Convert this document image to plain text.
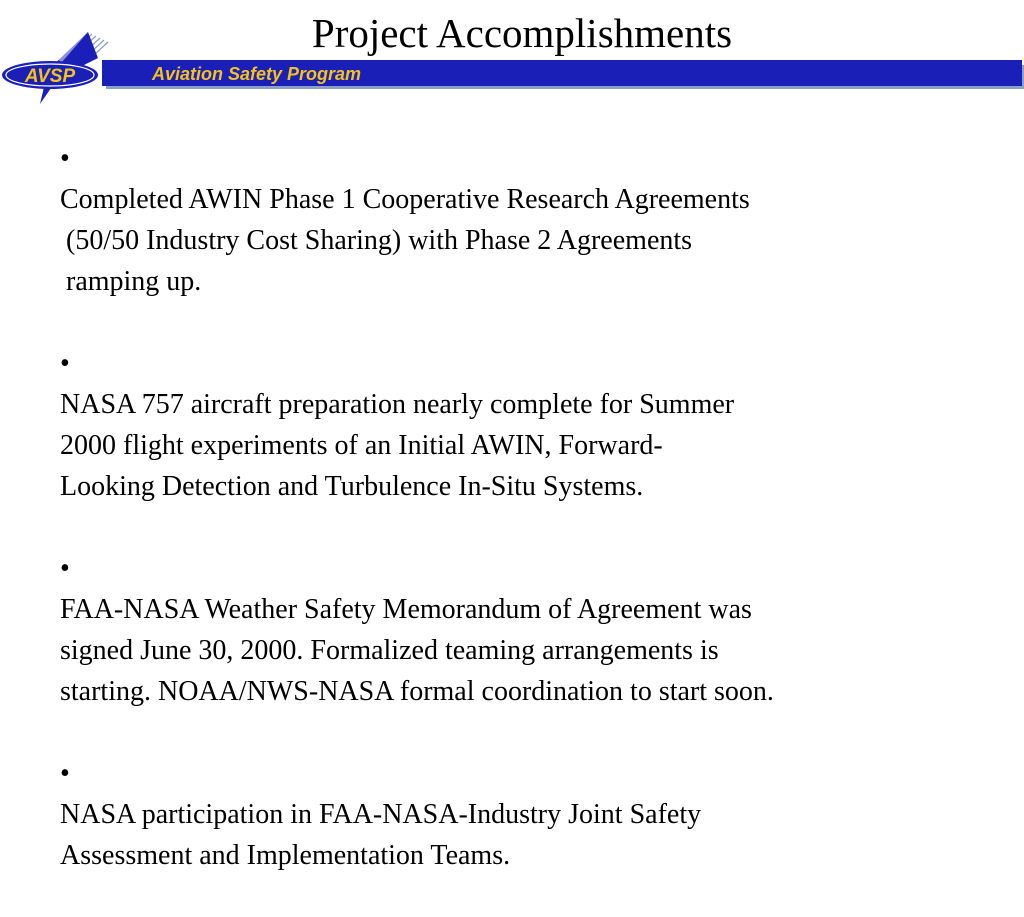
Project Accomplishments
AVSP	Aviation Safety Program
•
Completed AWIN Phase 1 Cooperative Research Agreements
(50/50 Industry Cost Sharing) with Phase 2 Agreements
ramping up.
•
NASA 757 aircraft preparation nearly complete for Summer
2000 flight experiments of an Initial AWIN, Forward-
Looking Detection and Turbulence In-Situ Systems.
•
FAA-NASA Weather Safety Memorandum of Agreement was
signed June 30, 2000. Formalized teaming arrangements is
starting. NOAA/NWS-NASA formal coordination to start soon.
•
NASA participation in FAA-NASA-Industry Joint Safety
Assessment and Implementation Teams.
